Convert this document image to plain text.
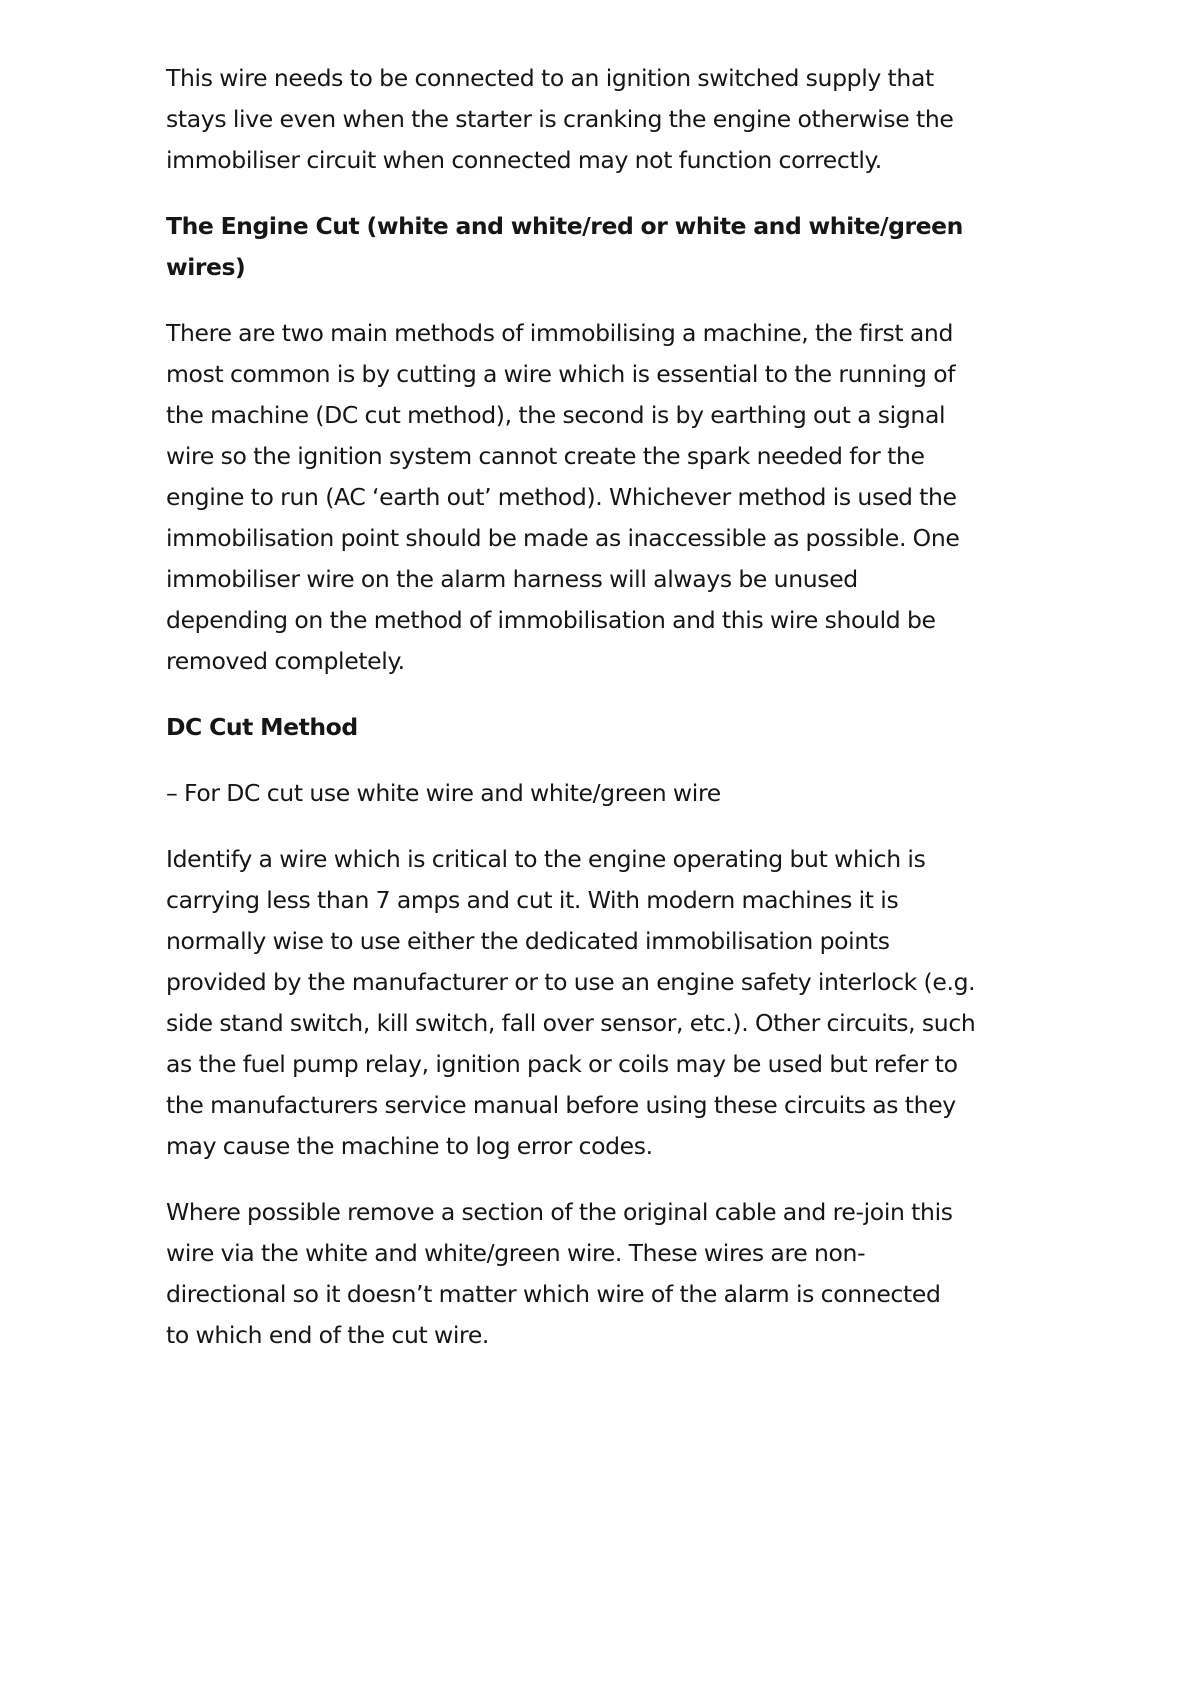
This wire needs to be connected to an ignition switched supply that
stays live even when the starter is cranking the engine otherwise the
immobiliser circuit when connected may not function correctly.

The Engine Cut (white and white/red or white and white/green
wires)

There are two main methods of immobilising a machine, the first and
most common is by cutting a wire which is essential to the running of
the machine (DC cut method), the second is by earthing out a signal
wire so the ignition system cannot create the spark needed for the
engine to run (AC ‘earth out’ method). Whichever method is used the
immobilisation point should be made as inaccessible as possible. One
immobiliser wire on the alarm harness will always be unused
depending on the method of immobilisation and this wire should be
removed completely.

DC Cut Method

– For DC cut use white wire and white/green wire

Identify a wire which is critical to the engine operating but which is
carrying less than 7 amps and cut it. With modern machines it is
normally wise to use either the dedicated immobilisation points
provided by the manufacturer or to use an engine safety interlock (e.g.
side stand switch, kill switch, fall over sensor, etc.). Other circuits, such
as the fuel pump relay, ignition pack or coils may be used but refer to
the manufacturers service manual before using these circuits as they
may cause the machine to log error codes.

Where possible remove a section of the original cable and re-join this
wire via the white and white/green wire. These wires are non-
directional so it doesn’t matter which wire of the alarm is connected
to which end of the cut wire.
